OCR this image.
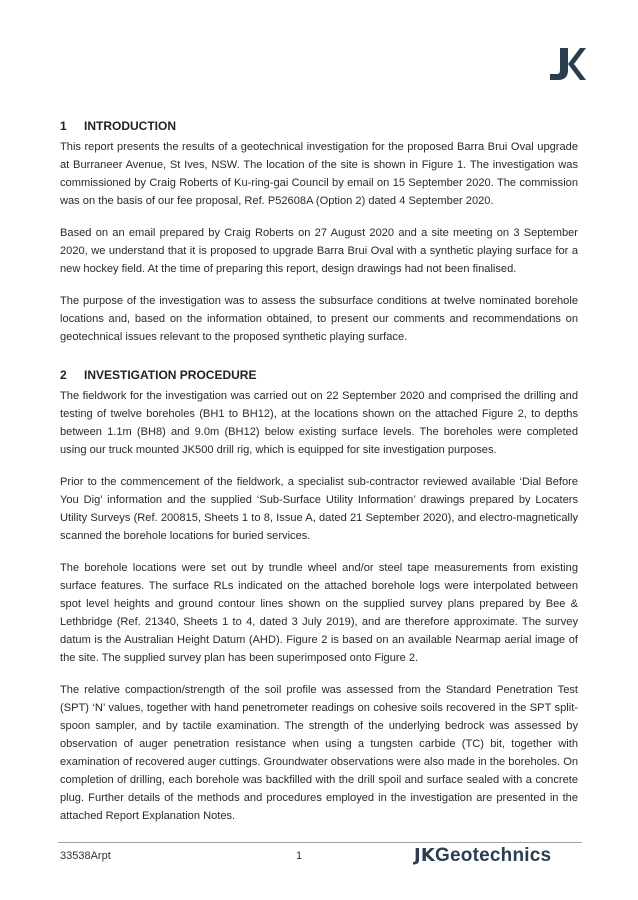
1 INTRODUCTION

This report presents the results of a geotechnical investigation for the proposed Barra Brui Oval upgrade at Burraneer Avenue, St Ives, NSW. The location of the site is shown in Figure 1. The investigation was commissioned by Craig Roberts of Ku-ring-gai Council by email on 15 September 2020. The commission was on the basis of our fee proposal, Ref. P52608A (Option 2) dated 4 September 2020.

Based on an email prepared by Craig Roberts on 27 August 2020 and a site meeting on 3 September 2020, we understand that it is proposed to upgrade Barra Brui Oval with a synthetic playing surface for a new hockey field. At the time of preparing this report, design drawings had not been finalised.

The purpose of the investigation was to assess the subsurface conditions at twelve nominated borehole locations and, based on the information obtained, to present our comments and recommendations on geotechnical issues relevant to the proposed synthetic playing surface.

2 INVESTIGATION PROCEDURE

The fieldwork for the investigation was carried out on 22 September 2020 and comprised the drilling and testing of twelve boreholes (BH1 to BH12), at the locations shown on the attached Figure 2, to depths between 1.1m (BH8) and 9.0m (BH12) below existing surface levels. The boreholes were completed using our truck mounted JK500 drill rig, which is equipped for site investigation purposes.

Prior to the commencement of the fieldwork, a specialist sub-contractor reviewed available ‘Dial Before You Dig’ information and the supplied ‘Sub-Surface Utility Information’ drawings prepared by Locaters Utility Surveys (Ref. 200815, Sheets 1 to 8, Issue A, dated 21 September 2020), and electro-magnetically scanned the borehole locations for buried services.

The borehole locations were set out by trundle wheel and/or steel tape measurements from existing surface features. The surface RLs indicated on the attached borehole logs were interpolated between spot level heights and ground contour lines shown on the supplied survey plans prepared by Bee & Lethbridge (Ref. 21340, Sheets 1 to 4, dated 3 July 2019), and are therefore approximate. The survey datum is the Australian Height Datum (AHD). Figure 2 is based on an available Nearmap aerial image of the site. The supplied survey plan has been superimposed onto Figure 2.

The relative compaction/strength of the soil profile was assessed from the Standard Penetration Test (SPT) ‘N’ values, together with hand penetrometer readings on cohesive soils recovered in the SPT split-spoon sampler, and by tactile examination. The strength of the underlying bedrock was assessed by observation of auger penetration resistance when using a tungsten carbide (TC) bit, together with examination of recovered auger cuttings. Groundwater observations were also made in the boreholes. On completion of drilling, each borehole was backfilled with the drill spoil and surface sealed with a concrete plug. Further details of the methods and procedures employed in the investigation are presented in the attached Report Explanation Notes.

33538Arpt	1	JKGeotechnics
